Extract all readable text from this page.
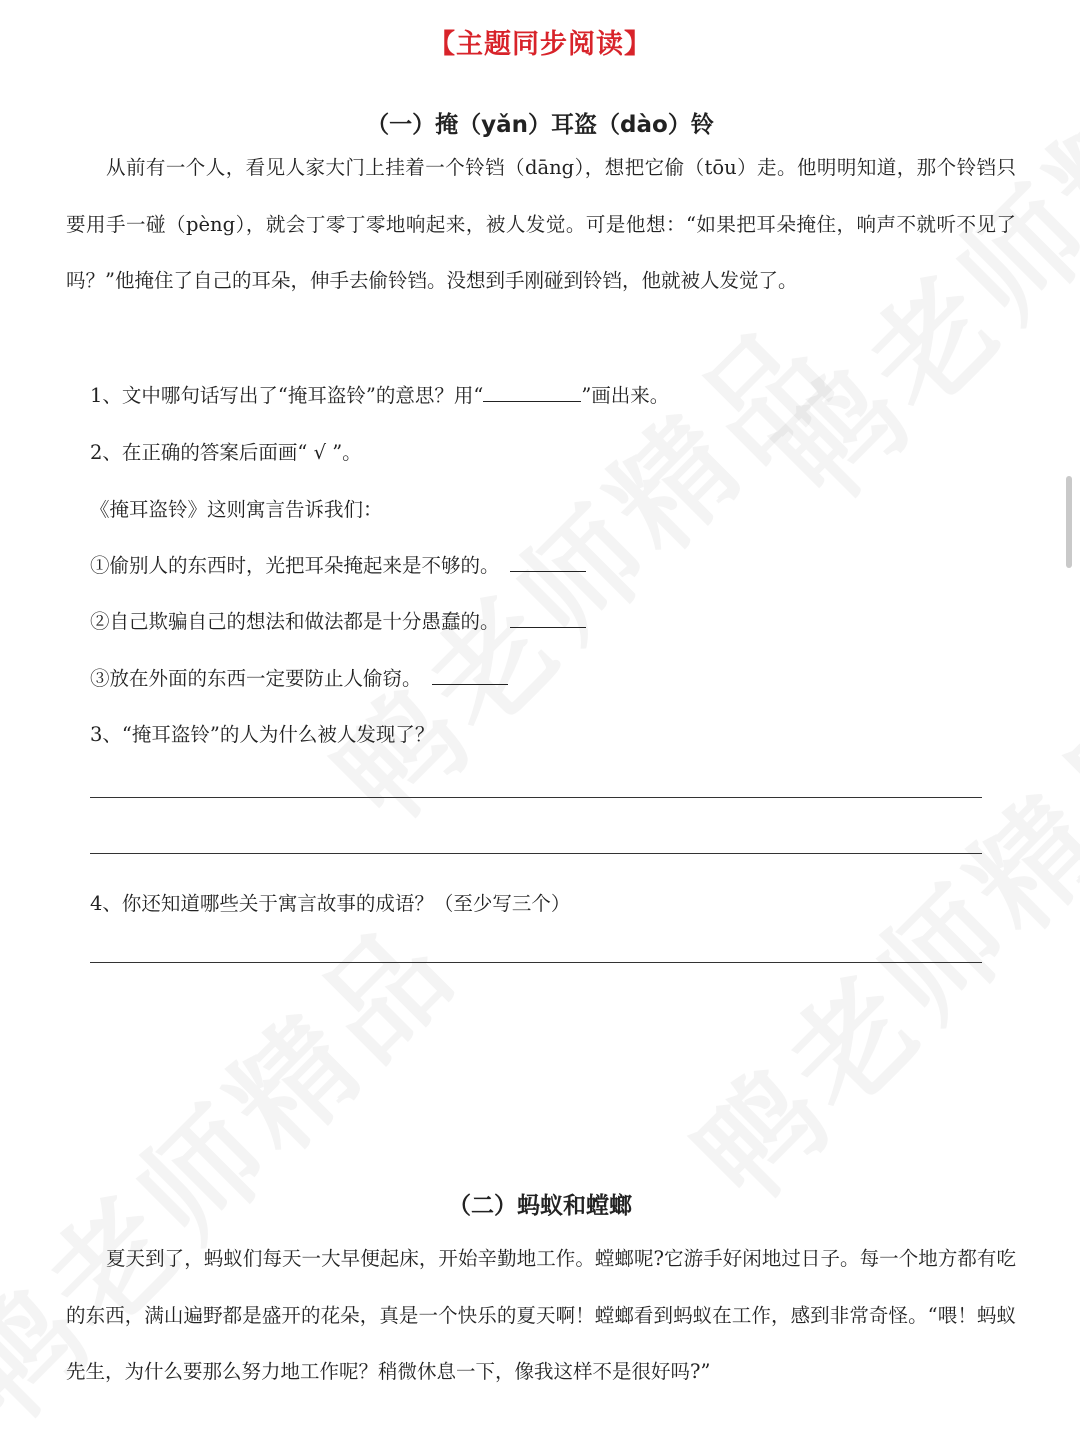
【主题同步阅读】
（一）掩（yǎn）耳盗（dào）铃

从前有一个人，看见人家大门上挂着一个铃铛（dāng），想把它偷（tōu）走。他明明知道，那个铃铛只要用手一碰（pèng），就会丁零丁零地响起来，被人发觉。可是他想：“如果把耳朵掩住，响声不就听不见了吗？”他掩住了自己的耳朵，伸手去偷铃铛。没想到手刚碰到铃铛，他就被人发觉了。

1、文中哪句话写出了“掩耳盗铃”的意思？用“	”画出来。
2、在正确的答案后面画“ √ ”。
《掩耳盗铃》这则寓言告诉我们：
①偷别人的东西时，光把耳朵掩起来是不够的。
②自己欺骗自己的想法和做法都是十分愚蠢的。
③放在外面的东西一定要防止人偷窃。
3、“掩耳盗铃”的人为什么被人发现了？
4、你还知道哪些关于寓言故事的成语？（至少写三个）
（二）蚂蚁和螳螂

夏天到了，蚂蚁们每天一大早便起床，开始辛勤地工作。螳螂呢?它游手好闲地过日子。每一个地方都有吃的东西，满山遍野都是盛开的花朵，真是一个快乐的夏天啊！螳螂看到蚂蚁在工作，感到非常奇怪。“喂！蚂蚁先生，为什么要那么努力地工作呢？稍微休息一下，像我这样不是很好吗?”
